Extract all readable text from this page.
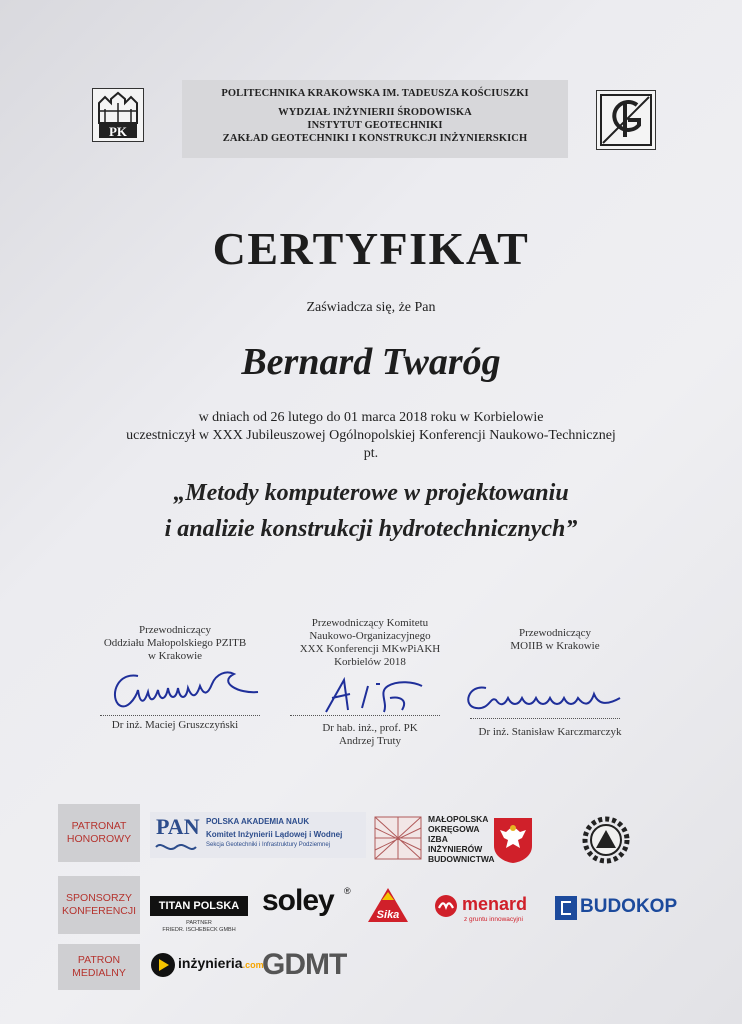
PK
POLITECHNIKA KRAKOWSKA IM. TADEUSZA KOŚCIUSZKI
WYDZIAŁ INŻYNIERII ŚRODOWISKA
INSTYTUT GEOTECHNIKI
ZAKŁAD GEOTECHNIKI I KONSTRUKCJI INŻYNIERSKICH
CERTYFIKAT
Zaświadcza się, że Pan
Bernard Twaróg
w dniach od 26 lutego do 01 marca 2018 roku w Korbielowie
uczestniczył w XXX Jubileuszowej Ogólnopolskiej Konferencji Naukowo-Technicznej
pt.
„Metody komputerowe w projektowaniu
i analizie konstrukcji hydrotechnicznych”
Przewodniczący
Oddziału Małopolskiego PZITB
w Krakowie
Dr inż. Maciej Gruszczyński
Przewodniczący Komitetu
Naukowo-Organizacyjnego
XXX Konferencji MKwPiAKH
Korbielów 2018
Dr hab. inż., prof. PK
Andrzej Truty
Przewodniczący
MOIIB w Krakowie
Dr inż. Stanisław Karczmarczyk
PATRONAT
HONOROWY
SPONSORZY
KONFERENCJI
PATRON
MEDIALNY
PAN POLSKA AKADEMIA NAUK
Komitet Inżynierii Lądowej i Wodnej
Sekcja Geotechniki i Infrastruktury Podziemnej
MAŁOPOLSKA
OKRĘGOWA
IZBA
INŻYNIERÓW
BUDOWNICTWA
TITAN POLSKA
PARTNER
FRIEDR. ISCHEBECK GMBH
soley ®
Sika
menard
z gruntu innowacyjni
BUDOKOP
inżynieria.com
GDMT
